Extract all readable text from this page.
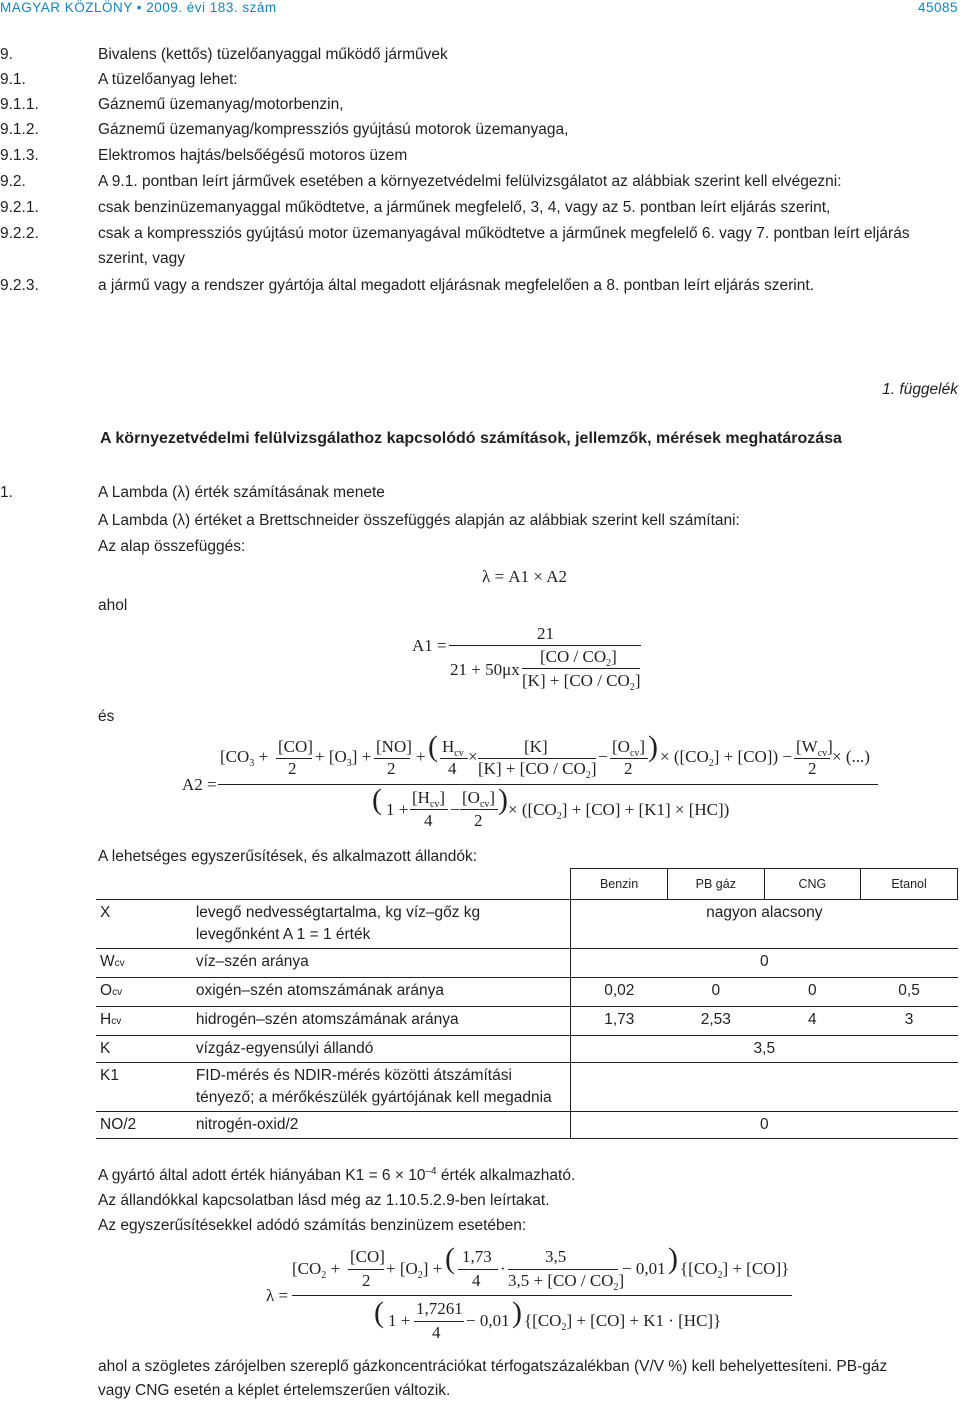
MAGYAR KÖZLÖNY • 2009. évi 183. szám	45085
9.	Bivalens (kettős) tüzelőanyaggal működő járművek
9.1.	A tüzelőanyag lehet:
9.1.1.	Gáznemű üzemanyag/motorbenzin,
9.1.2.	Gáznemű üzemanyag/kompressziós gyújtású motorok üzemanyaga,
9.1.3.	Elektromos hajtás/belsőégésű motoros üzem
9.2.	A 9.1. pontban leírt járművek esetében a környezetvédelmi felülvizsgálatot az alábbiak szerint kell elvégezni:
9.2.1.	csak benzinüzemanyaggal működtetve, a járműnek megfelelő, 3, 4, vagy az 5. pontban leírt eljárás szerint,
9.2.2.	csak a kompressziós gyújtású motor üzemanyagával működtetve a járműnek megfelelő 6. vagy 7. pontban leírt eljárás
szerint, vagy
9.2.3.	a jármű vagy a rendszer gyártója által megadott eljárásnak megfelelően a 8. pontban leírt eljárás szerint.
1. függelék
A környezetvédelmi felülvizsgálathoz kapcsolódó számítások, jellemzők, mérések meghatározása
1.	A Lambda (λ) érték számításának menete
A Lambda (λ) értéket a Brettschneider összefüggés alapján az alábbiak szerint kell számítani:
Az alap összefüggés:
λ = A1 × A2
ahol
A1 =
21
21 + 50μx
$[CO / CO_2]$
$[K] + [CO / CO_2]$
és
A2 =
[$CO_3$ +
[CO]
2
+ $[O_3]$ +
[NO]
2
+ ( $H_{cv}$
4
×
[K]
$[K] + [CO / CO_2]$
−
$[O_{cv}]$
2
) × $([CO_2] + [CO])$ −
$[W_{cv}]$
2
× (...)
( 1 +
$[H_{cv}]$
4
−
$[O_{cv}]$
2
) × $([CO_2] + [CO] + [K1] \times [HC])$
A lehetséges egyszerűsítések, és alkalmazott állandók:
		Benzin	PB gáz	CNG	Etanol
X	levegő nedvességtartalma, kg víz–gőz kg levegőnként A 1 = 1 érték	nagyon alacsony			
Wcv	víz–szén aránya	0			
Ocv	oxigén–szén atomszámának aránya	0,02	0	0	0,5
Hcv	hidrogén–szén atomszámának aránya	1,73	2,53	4	3
K	vízgáz-egyensúlyi állandó	3,5			
K1	FID-mérés és NDIR-mérés közötti átszámítási tényező; a mérőkészülék gyártójának kell megadnia				
NO/2	nitrogén-oxid/2	0			
A gyártó által adott érték hiányában $K1 = 6 \times 10^{-4}$ érték alkalmazható.
Az állandókkal kapcsolatban lásd még az 1.10.5.2.9-ben leírtakat.
Az egyszerűsítésekkel adódó számítás benzinüzem esetében:
λ =
[$CO_2$ +
[CO]
2
+ $[O_2]$ + ( 1,73
4
·
3,5
$3,5 + [CO / CO_2]$
− 0,01 ) $\{[CO_2] + [CO]\}$
( 1 +
1,7261
4
− 0,01 ) $\{[CO_2] + [CO] + K1 \cdot [HC]\}$
ahol a szögletes zárójelben szereplő gázkoncentrációkat térfogatszázalékban (V/V %) kell behelyettesíteni. PB-gáz
vagy CNG esetén a képlet értelemszerűen változik.
